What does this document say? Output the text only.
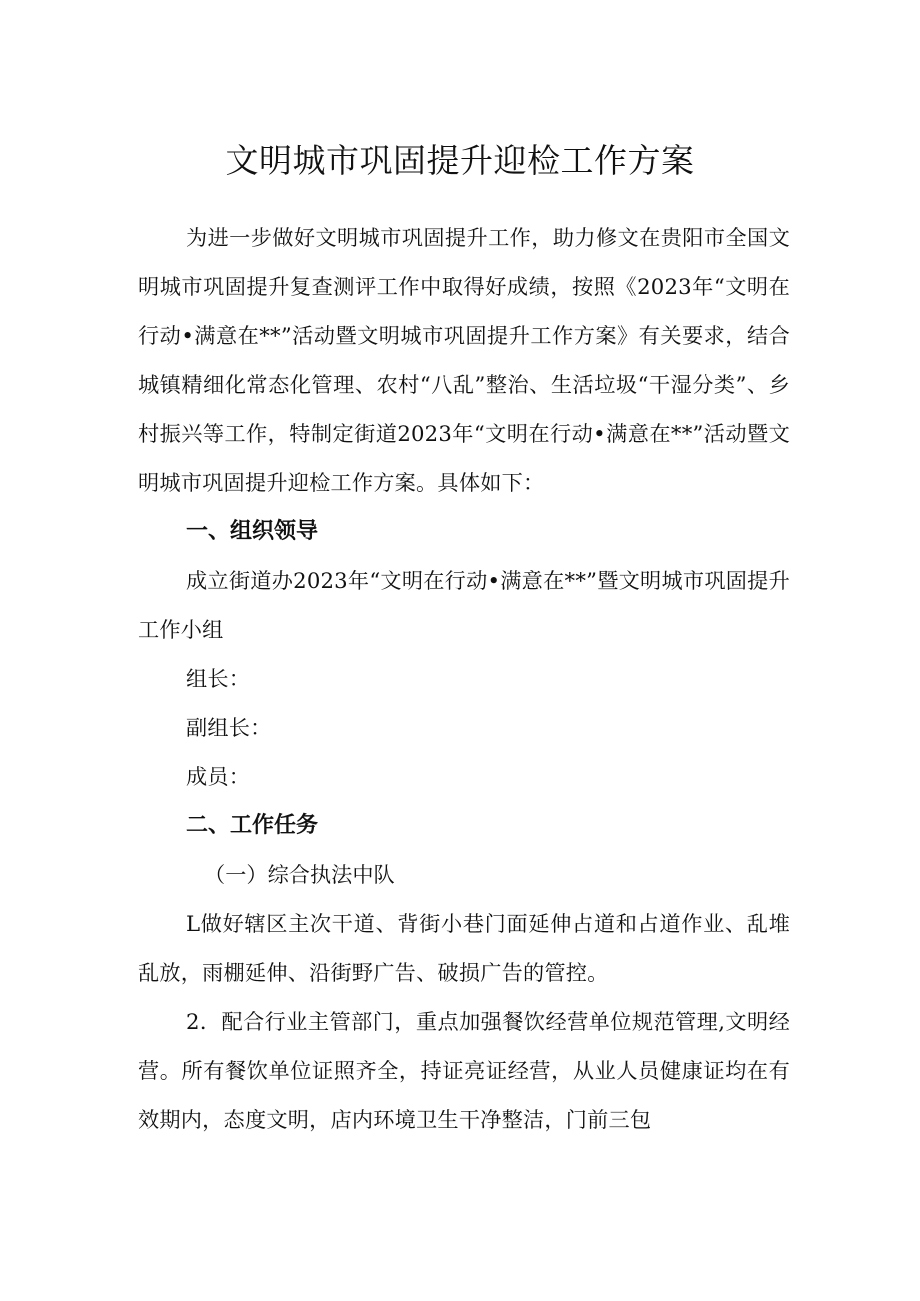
文明城市巩固提升迎检工作方案

为进一步做好文明城市巩固提升工作，助力修文在贵阳市全国文明城市巩固提升复查测评工作中取得好成绩，按照《2023年“文明在行动•满意在**”活动暨文明城市巩固提升工作方案》有关要求，结合城镇精细化常态化管理、农村“八乱”整治、生活垃圾“干湿分类”、乡村振兴等工作，特制定街道2023年“文明在行动•满意在**”活动暨文明城市巩固提升迎检工作方案。具体如下：

一、组织领导

成立街道办2023年“文明在行动•满意在**”暨文明城市巩固提升工作小组

组长：

副组长：

成员：

二、工作任务

（一）综合执法中队

L做好辖区主次干道、背街小巷门面延伸占道和占道作业、乱堆乱放，雨棚延伸、沿街野广告、破损广告的管控。

2．配合行业主管部门，重点加强餐饮经营单位规范管理,文明经营。所有餐饮单位证照齐全，持证亮证经营，从业人员健康证均在有效期内，态度文明，店内环境卫生干净整洁，门前三包
